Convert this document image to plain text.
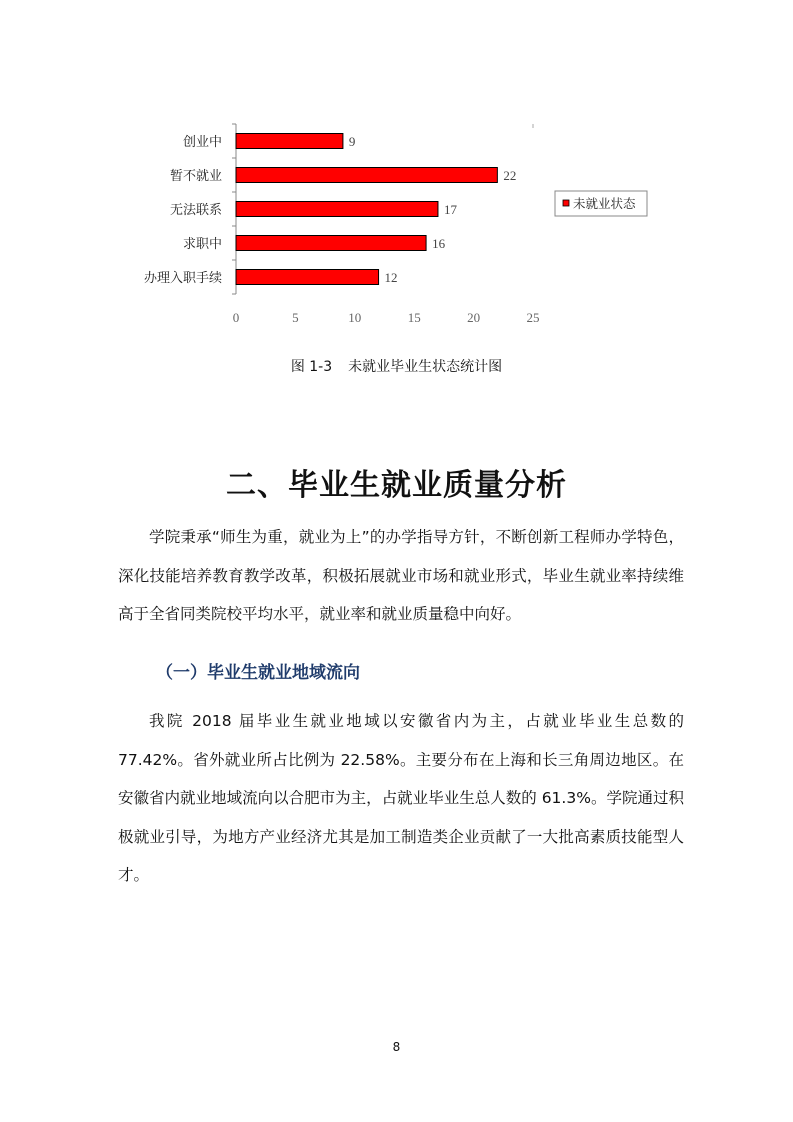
0	5	10	15	20	25
创业中	9
暂不就业	22
无法联系	17
求职中	16
办理入职手续	12
未就业状态
图 1-3 未就业毕业生状态统计图
二、毕业生就业质量分析

学院秉承“师生为重，就业为上”的办学指导方针，不断创新工程师办学特色，深化技能培养教育教学改革，积极拓展就业市场和就业形式，毕业生就业率持续维高于全省同类院校平均水平，就业率和就业质量稳中向好。

（一）毕业生就业地域流向

我院 2018 届毕业生就业地域以安徽省内为主，占就业毕业生总数的 77.42%。省外就业所占比例为 22.58%。主要分布在上海和长三角周边地区。在安徽省内就业地域流向以合肥市为主，占就业毕业生总人数的 61.3%。学院通过积极就业引导，为地方产业经济尤其是加工制造类企业贡献了一大批高素质技能型人才。

8
